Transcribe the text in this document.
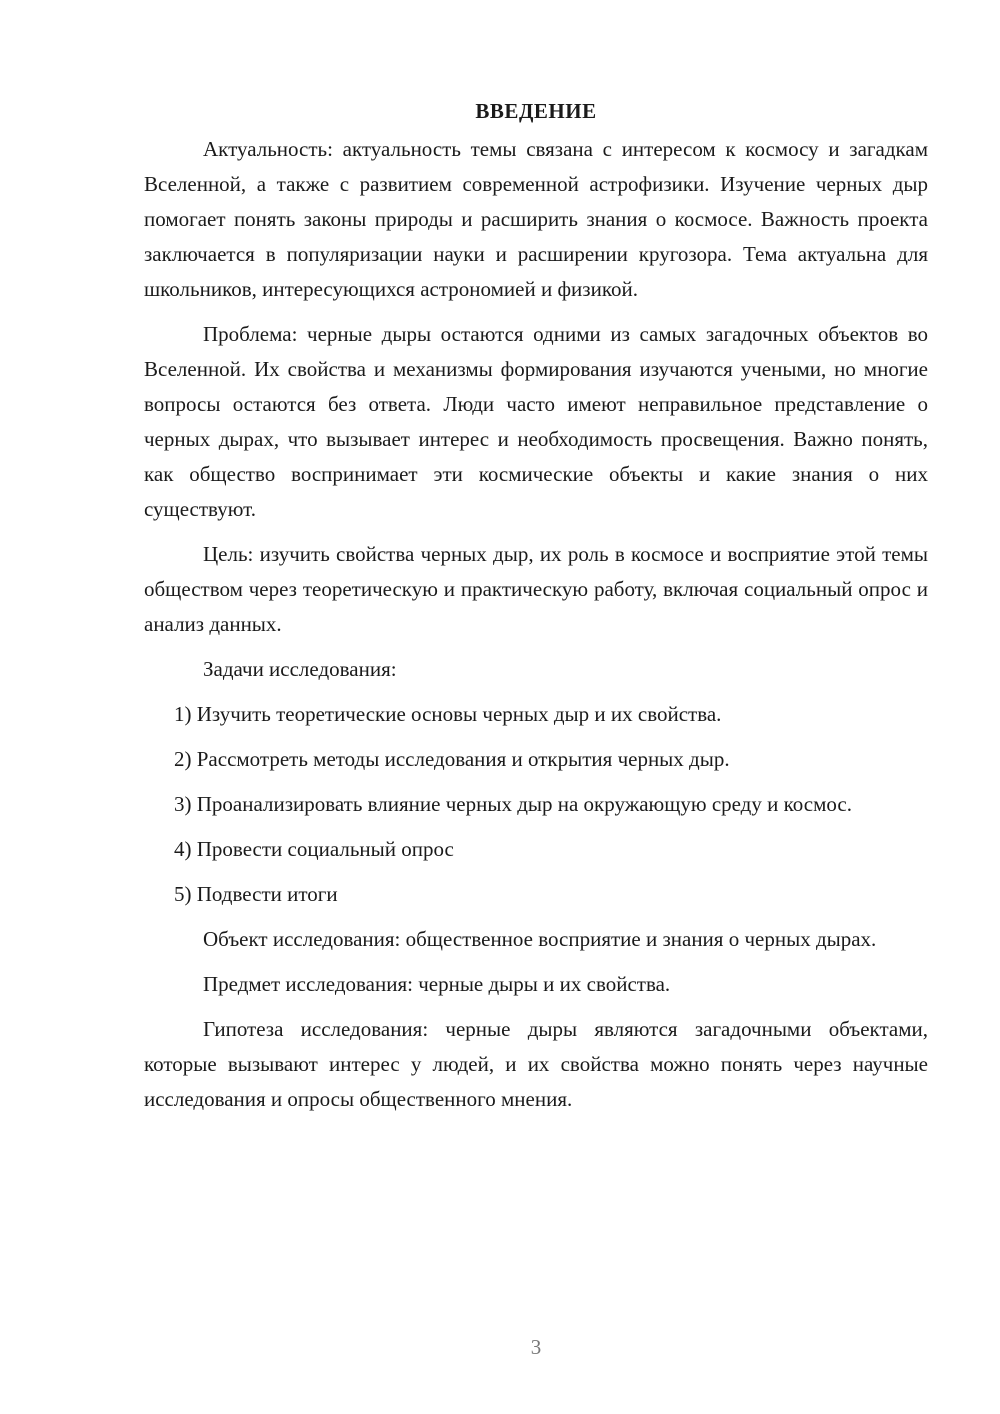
ВВЕДЕНИЕ

Актуальность: актуальность темы связана с интересом к космосу и загадкам Вселенной, а также с развитием современной астрофизики. Изучение черных дыр помогает понять законы природы и расширить знания о космосе. Важность проекта заключается в популяризации науки и расширении кругозора. Тема актуальна для школьников, интересующихся астрономией и физикой.

Проблема: черные дыры остаются одними из самых загадочных объектов во Вселенной. Их свойства и механизмы формирования изучаются учеными, но многие вопросы остаются без ответа. Люди часто имеют неправильное представление о черных дырах, что вызывает интерес и необходимость просвещения. Важно понять, как общество воспринимает эти космические объекты и какие знания о них существуют.

Цель: изучить свойства черных дыр, их роль в космосе и восприятие этой темы обществом через теоретическую и практическую работу, включая социальный опрос и анализ данных.

Задачи исследования:

1) Изучить теоретические основы черных дыр и их свойства.

2) Рассмотреть методы исследования и открытия черных дыр.

3) Проанализировать влияние черных дыр на окружающую среду и космос.

4) Провести социальный опрос

5) Подвести итоги

Объект исследования: общественное восприятие и знания о черных дырах.

Предмет исследования: черные дыры и их свойства.

Гипотеза исследования: черные дыры являются загадочными объектами, которые вызывают интерес у людей, и их свойства можно понять через научные исследования и опросы общественного мнения.

3
